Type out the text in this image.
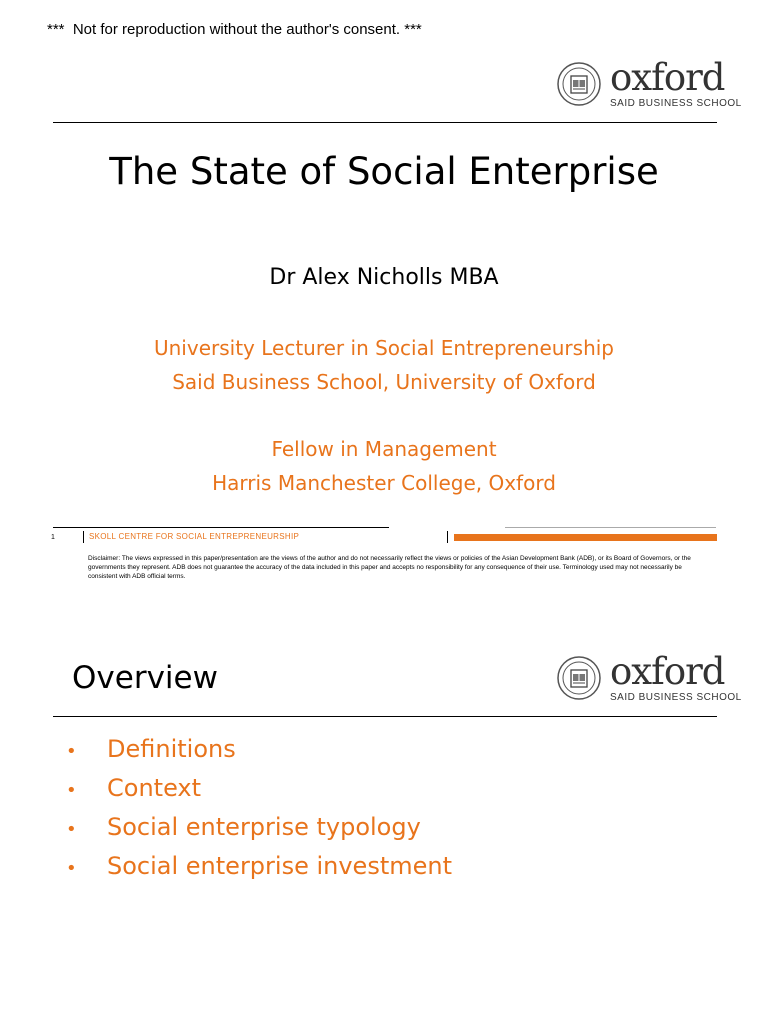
***  Not for reproduction without the author's consent. ***
oxford
SAID BUSINESS SCHOOL
The State of Social Enterprise
Dr Alex Nicholls MBA
University Lecturer in Social Entrepreneurship
Said Business School, University of Oxford
Fellow in Management
Harris Manchester College, Oxford
1	SKOLL CENTRE FOR SOCIAL ENTREPRENEURSHIP
Disclaimer: The views expressed in this paper/presentation are the views of the author and do not necessarily reflect the views or policies of the Asian Development Bank (ADB), or its Board of Governors, or the governments they represent. ADB does not guarantee the accuracy of the data included in this paper and accepts no responsibility for any consequence of their use. Terminology used may not necessarily be consistent with ADB official terms.
Overview	oxford
SAID BUSINESS SCHOOL
•	Definitions
•	Context
•	Social enterprise typology
•	Social enterprise investment
